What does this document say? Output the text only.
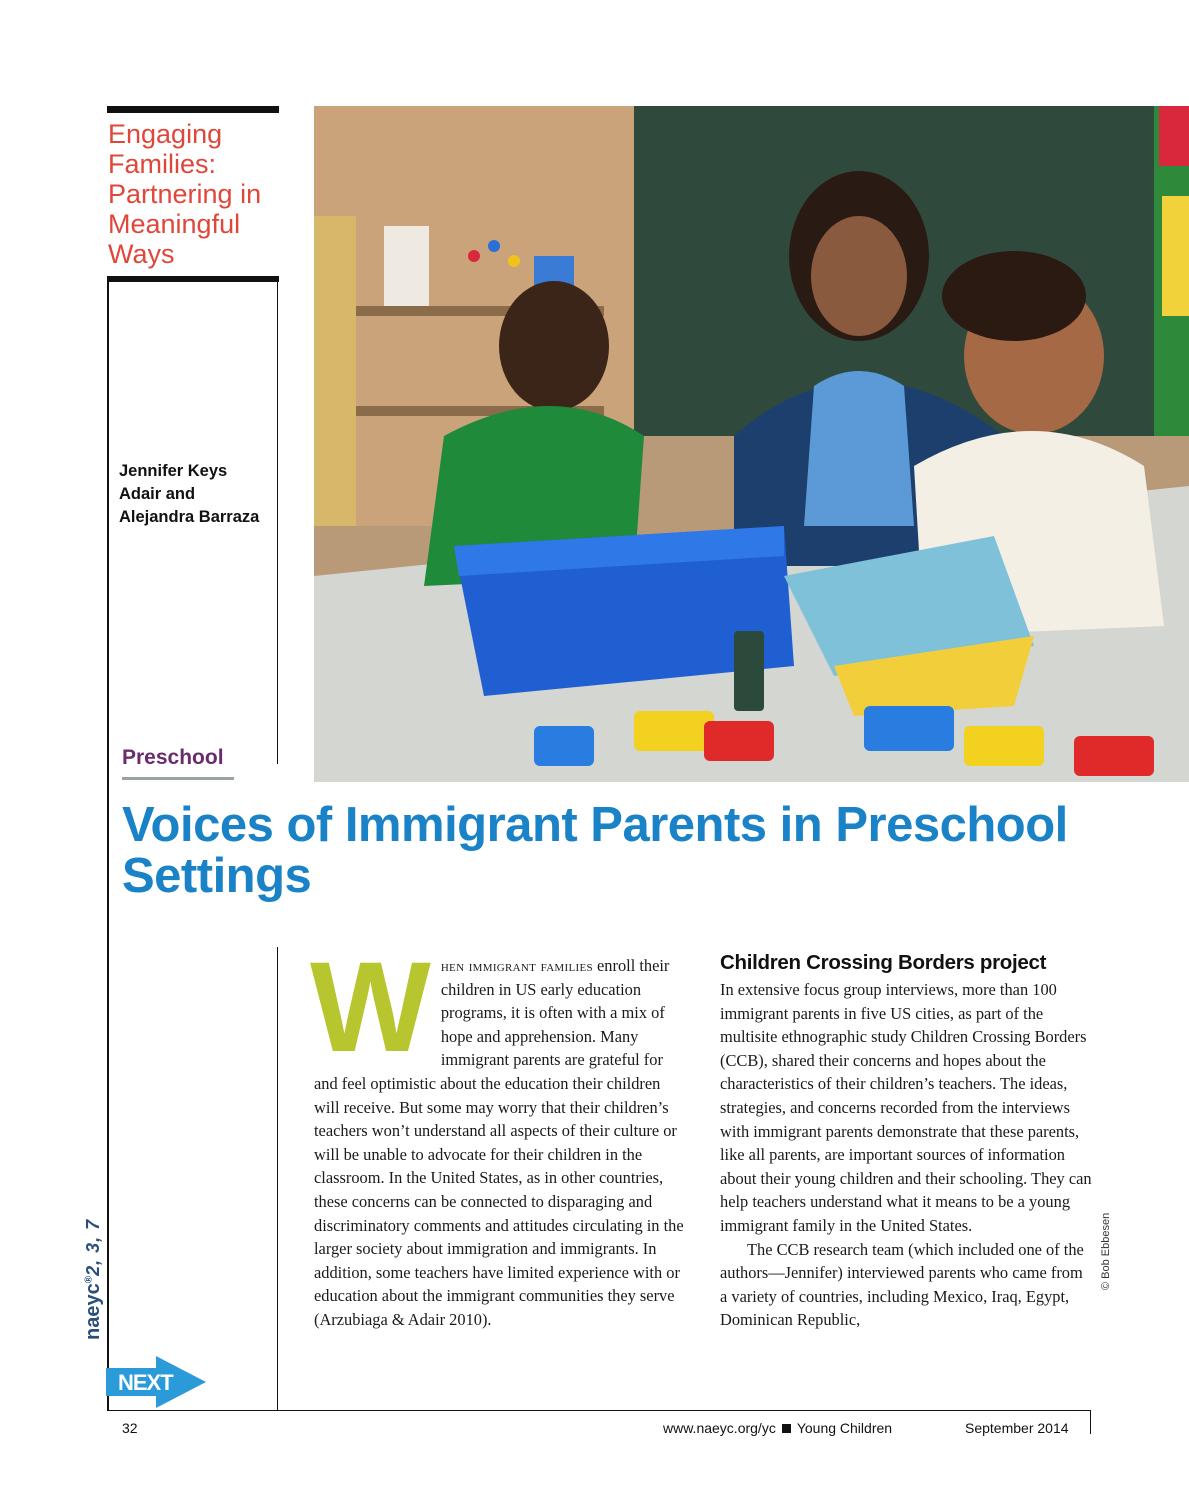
Engaging Families: Partnering in Meaningful Ways
Jennifer Keys
Adair and
Alejandra Barraza
Preschool
Voices of Immigrant Parents in Preschool Settings
When immigrant families enroll their children in US early education programs, it is often with a mix of hope and apprehension. Many immigrant parents are grateful for and feel optimistic about the education their children will receive. But some may worry that their children’s teachers won’t understand all aspects of their culture or will be unable to advocate for their children in the classroom. In the United States, as in other countries, these concerns can be connected to disparaging and discriminatory comments and attitudes circulating in the larger society about immigration and immigrants. In addition, some teachers have limited experience with or education about the immigrant communities they serve (Arzubiaga & Adair 2010).
Children Crossing Borders project

In extensive focus group interviews, more than 100 immigrant parents in five US cities, as part of the multisite ethnographic study Children Crossing Borders (CCB), shared their concerns and hopes about the characteristics of their children’s teachers. The ideas, strategies, and concerns recorded from the interviews with immigrant parents demonstrate that these parents, like all parents, are important sources of information about their young children and their schooling. They can help teachers understand what it means to be a young immigrant family in the United States.

The CCB research team (which included one of the authors—Jennifer) interviewed parents who came from a variety of countries, including Mexico, Iraq, Egypt, Dominican Republic,

© Bob Ebbesen
naeyc®2, 3, 7
NEXT
32	www.naeyc.org/yc Young Children	September 2014
